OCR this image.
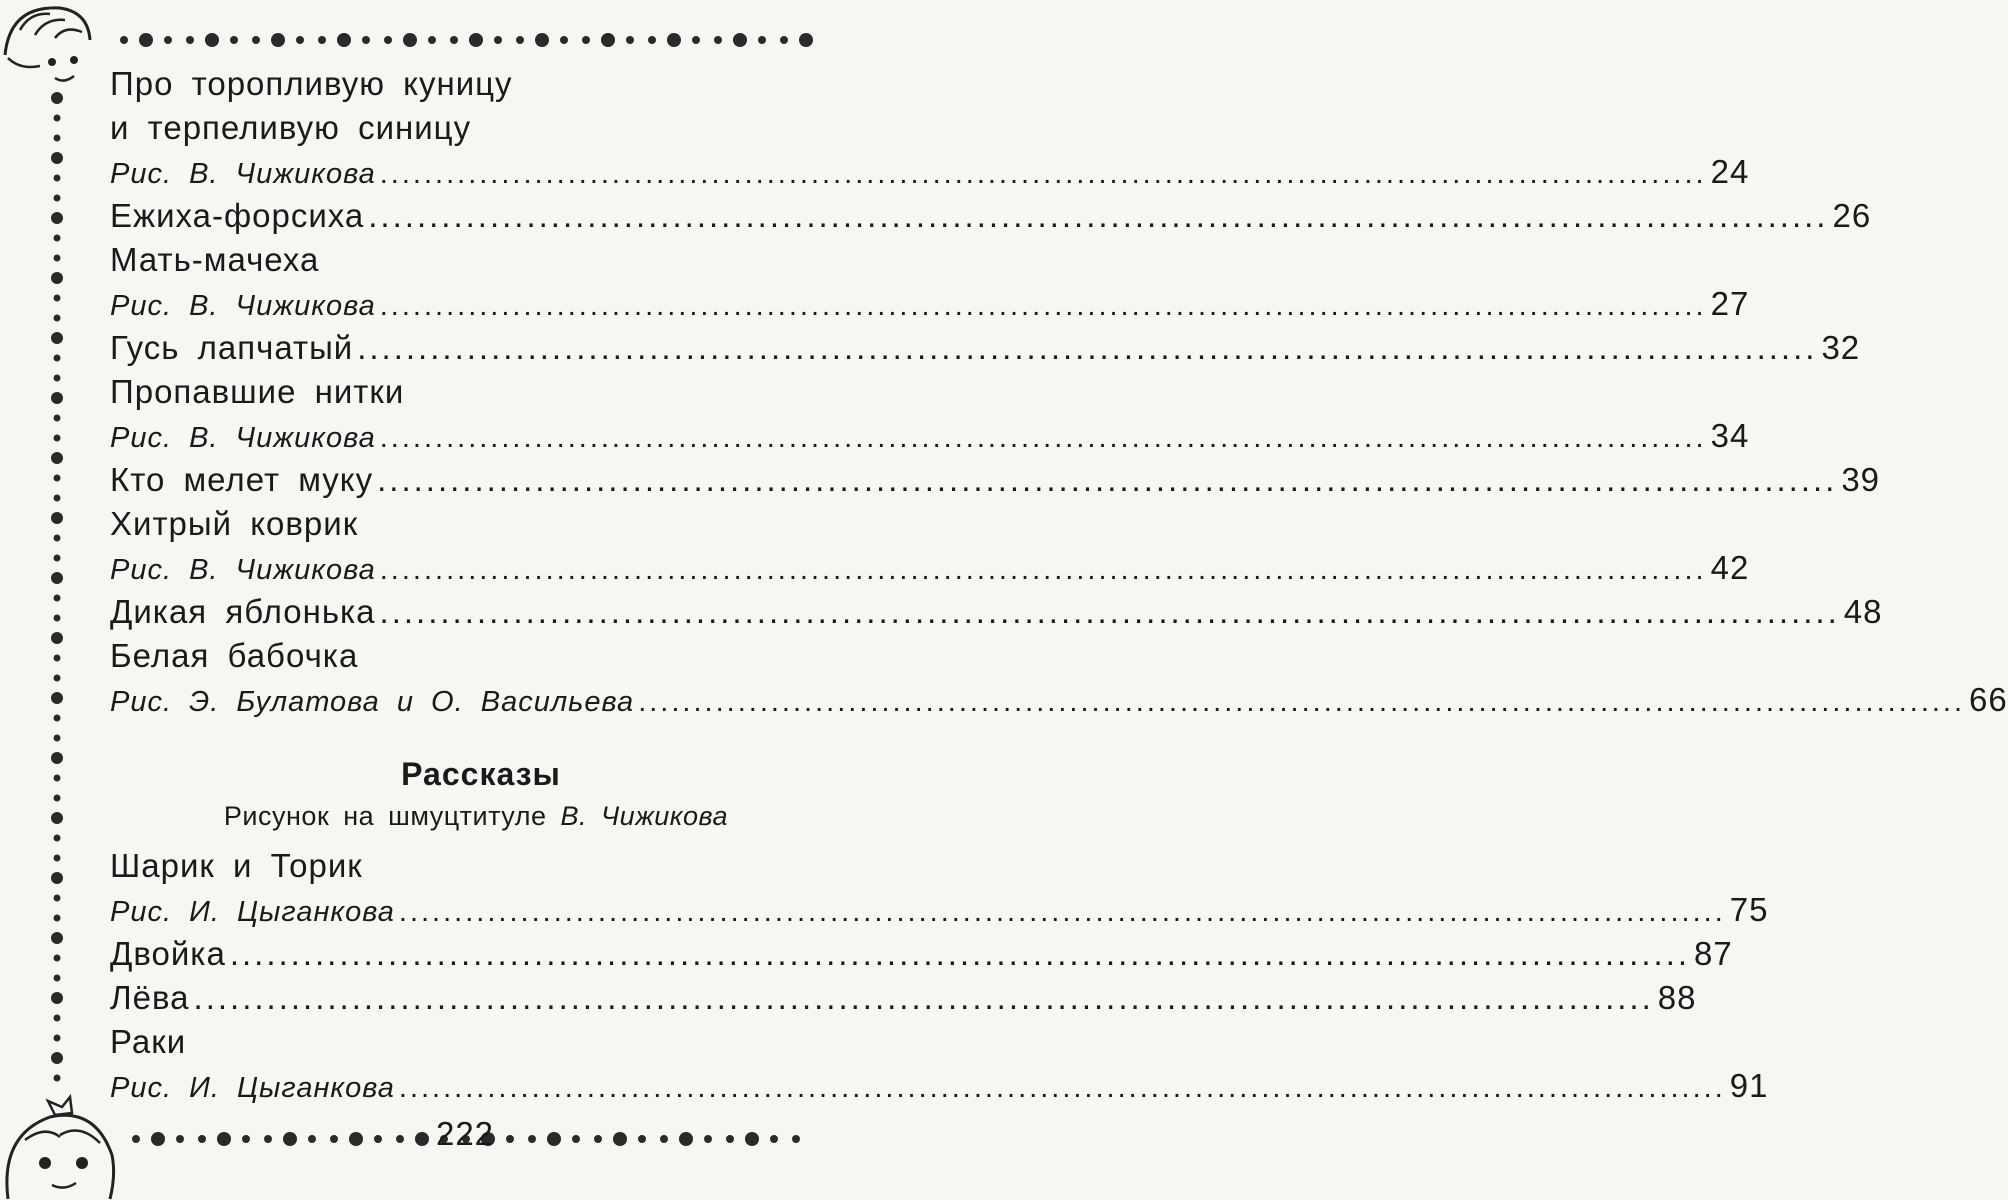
Про торопливую куницу
и терпеливую синицу
Рис. В. Чижикова ........................................................................................................................ 24
Ежиха-форсиха ........................................................................................................................ 26
Мать-мачеха
Рис. В. Чижикова ........................................................................................................................ 27
Гусь лапчатый ........................................................................................................................ 32
Пропавшие нитки
Рис. В. Чижикова ........................................................................................................................ 34
Кто мелет муку ........................................................................................................................ 39
Хитрый коврик
Рис. В. Чижикова ........................................................................................................................ 42
Дикая яблонька ........................................................................................................................ 48
Белая бабочка
Рис. Э. Булатова и О. Васильева ........................................................................................................................ 66
Рассказы
Рисунок на шмуцтитуле В. Чижикова
Шарик и Торик
Рис. И. Цыганкова ........................................................................................................................ 75
Двойка ........................................................................................................................ 87
Лёва ........................................................................................................................ 88
Раки
Рис. И. Цыганкова ........................................................................................................................ 91
222
